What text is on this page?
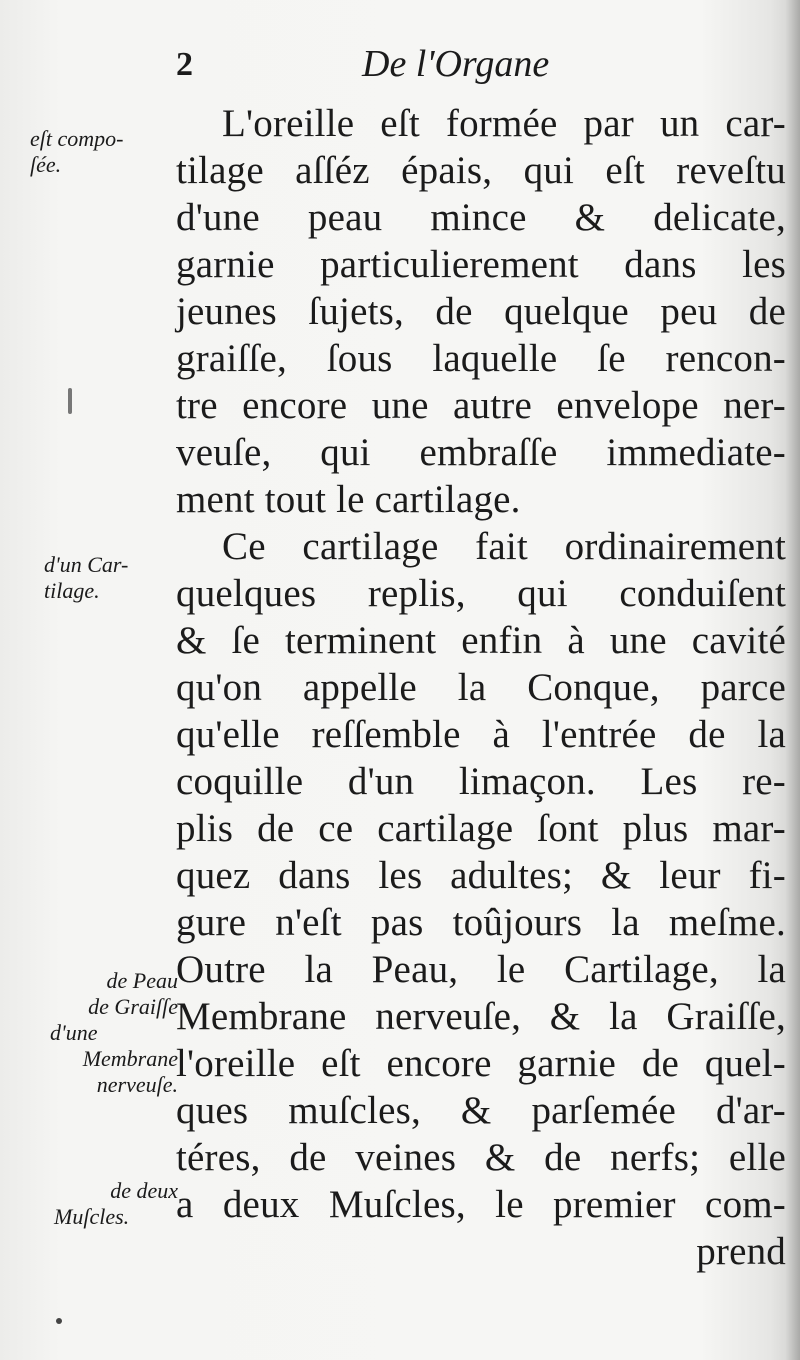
2	De l'Organe
eſt compo-
ſée.
d'un Car-
tilage.
de Peau
de Graiſſe
d'une
Membrane
nerveuſe.
de deux
Muſcles.
L'oreille eſt formée par un car-
tilage aſſéz épais, qui eſt reveſtu
d'une peau mince & delicate,
garnie particulierement dans les
jeunes ſujets, de quelque peu de
graiſſe, ſous laquelle ſe rencon-
tre encore une autre envelope ner-
veuſe, qui embraſſe immediate-
ment tout le cartilage.
Ce cartilage fait ordinairement
quelques replis, qui conduiſent
& ſe terminent enfin à une cavité
qu'on appelle la Conque, parce
qu'elle reſſemble à l'entrée de la
coquille d'un limaçon. Les re-
plis de ce cartilage ſont plus mar-
quez dans les adultes; & leur fi-
gure n'eſt pas toûjours la meſme.
Outre la Peau, le Cartilage, la
Membrane nerveuſe, & la Graiſſe,
l'oreille eſt encore garnie de quel-
ques muſcles, & parſemée d'ar-
téres, de veines & de nerfs; elle
a deux Muſcles, le premier com-
prend
